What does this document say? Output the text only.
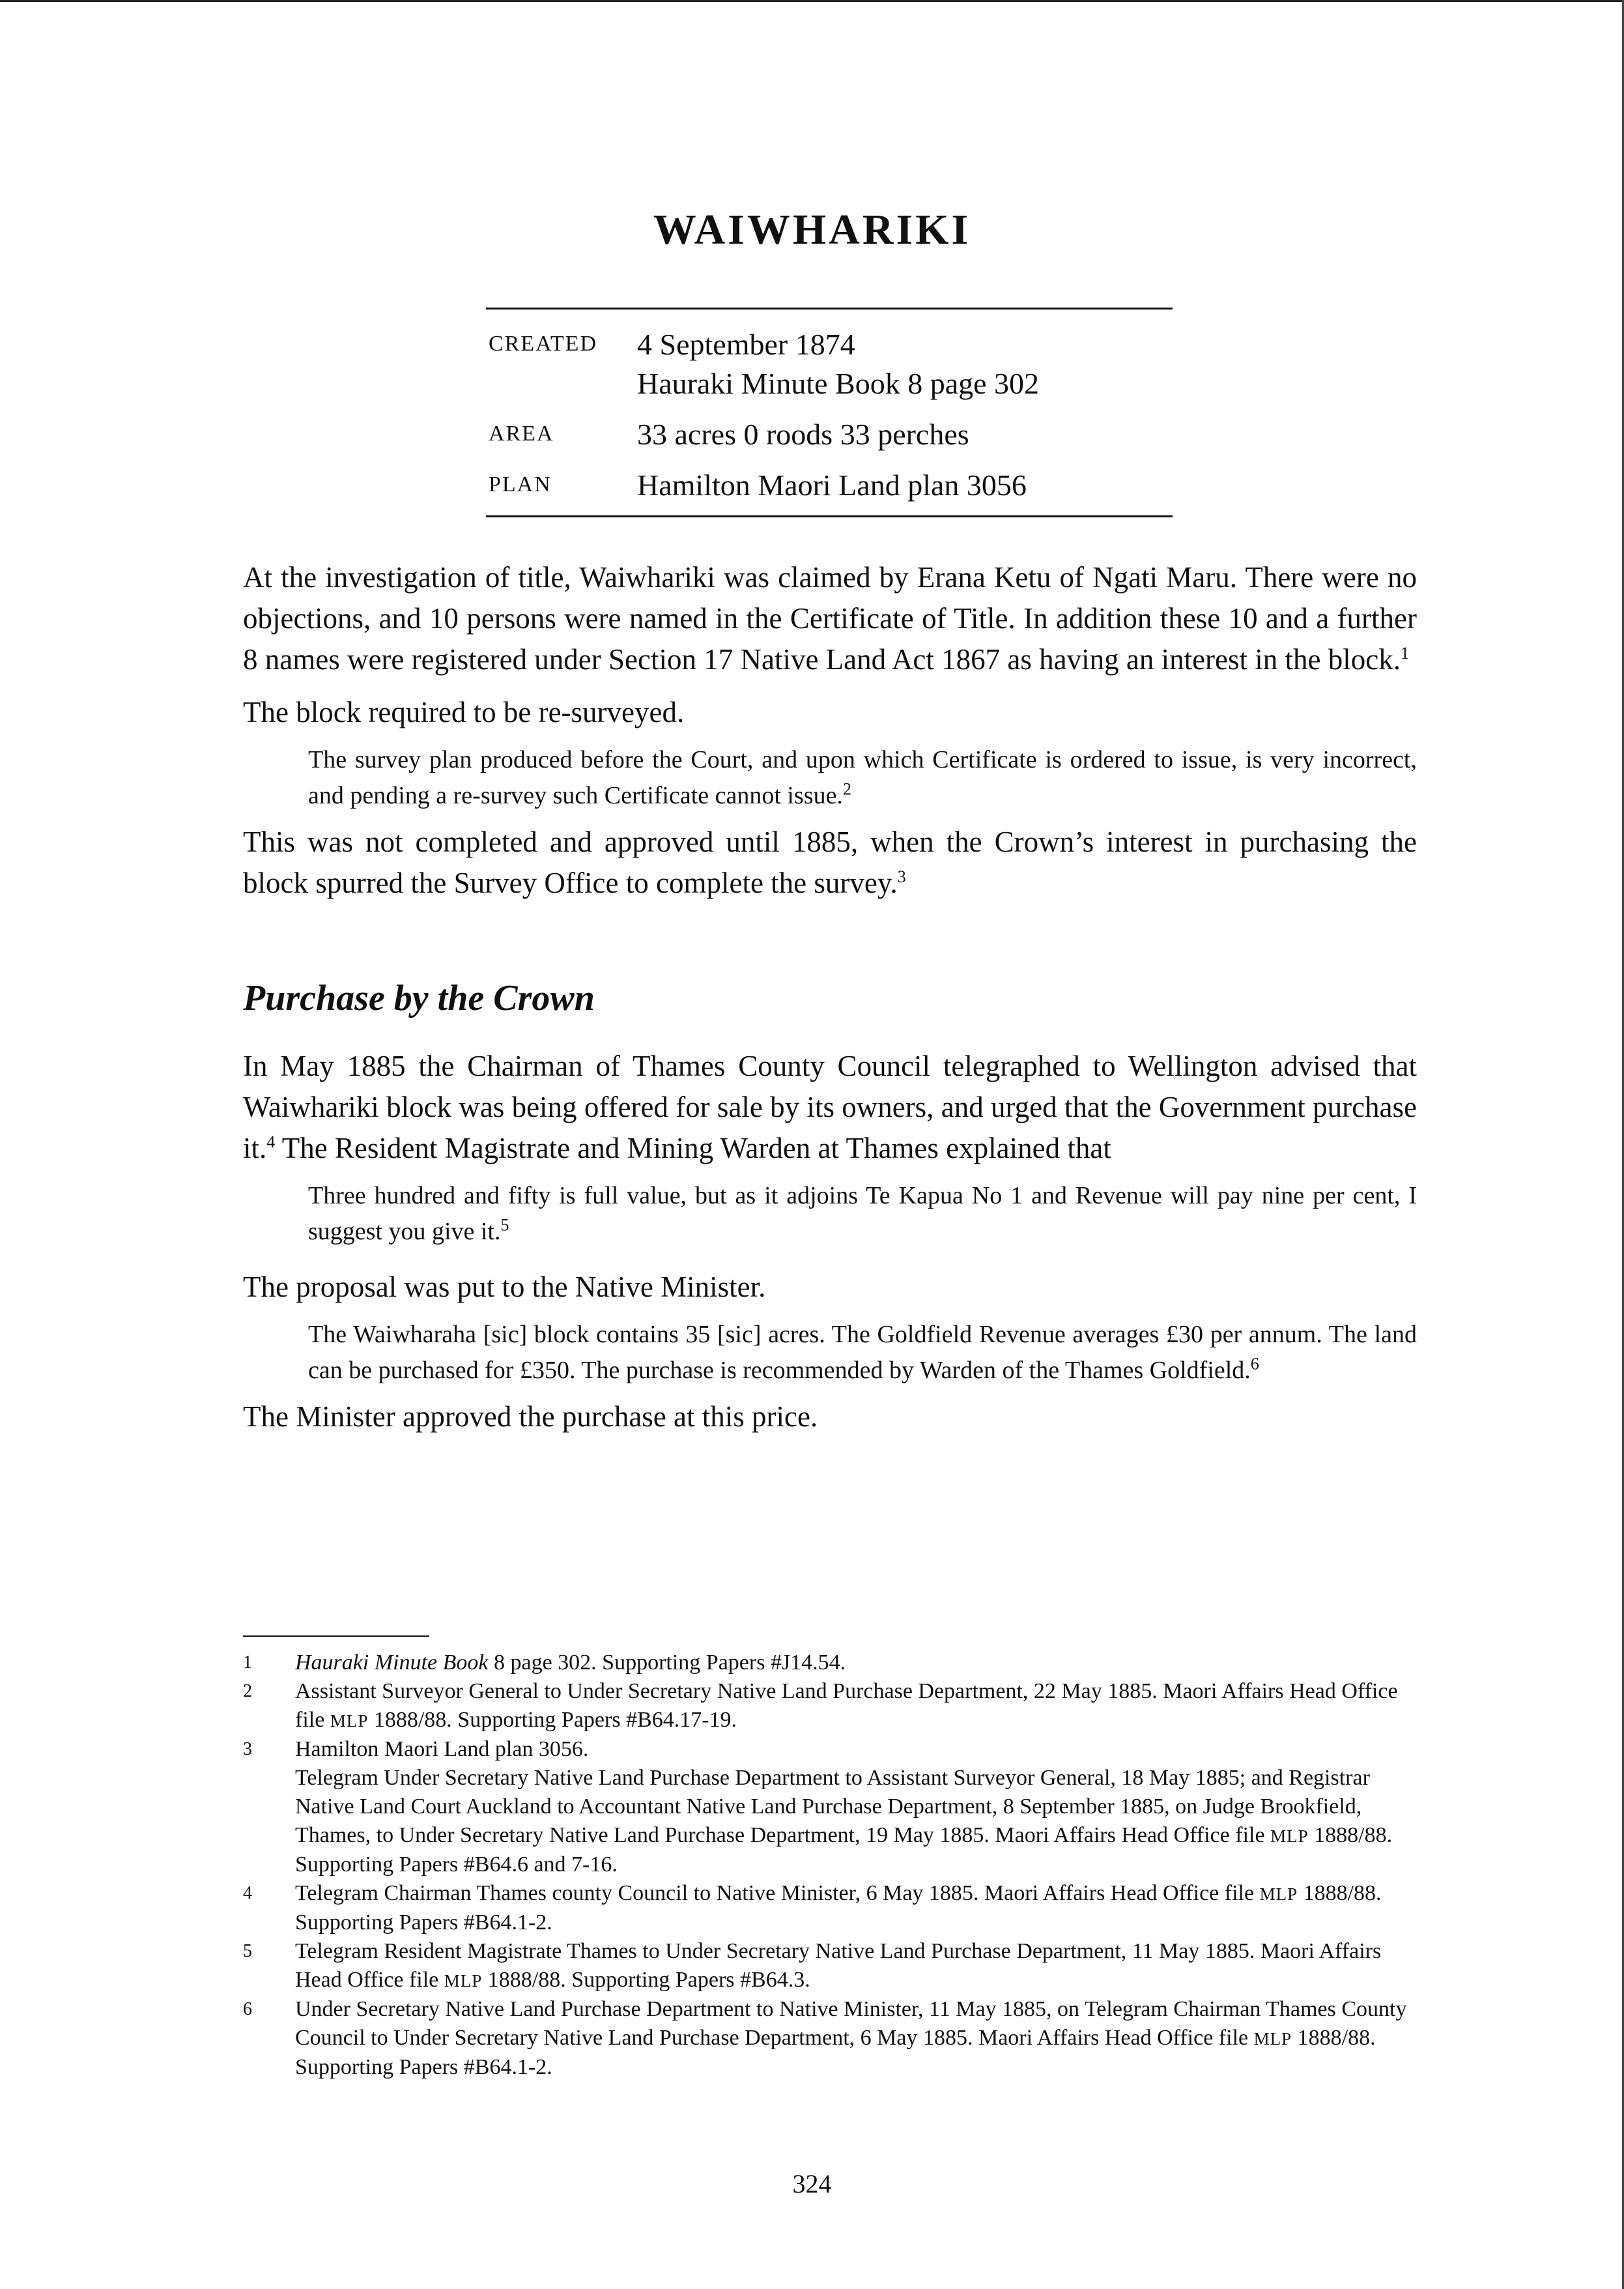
WAIWHARIKI
CREATED	4 September 1874
Hauraki Minute Book 8 page 302
AREA	33 acres 0 roods 33 perches
PLAN	Hamilton Maori Land plan 3056

At the investigation of title, Waiwhariki was claimed by Erana Ketu of Ngati Maru. There were no objections, and 10 persons were named in the Certificate of Title. In addition these 10 and a further 8 names were registered under Section 17 Native Land Act 1867 as having an interest in the block.$^1$

The block required to be re-surveyed.

The survey plan produced before the Court, and upon which Certificate is ordered to issue, is very incorrect, and pending a re-survey such Certificate cannot issue.$^2$

This was not completed and approved until 1885, when the Crown’s interest in purchasing the block spurred the Survey Office to complete the survey.$^3$

Purchase by the Crown

In May 1885 the Chairman of Thames County Council telegraphed to Wellington advised that Waiwhariki block was being offered for sale by its owners, and urged that the Government purchase it.$^4$ The Resident Magistrate and Mining Warden at Thames explained that

Three hundred and fifty is full value, but as it adjoins Te Kapua No 1 and Revenue will pay nine per cent, I suggest you give it.$^5$

The proposal was put to the Native Minister.

The Waiwharaha [sic] block contains 35 [sic] acres. The Goldfield Revenue averages £30 per annum. The land can be purchased for £350. The purchase is recommended by Warden of the Thames Goldfield.$^6$

The Minister approved the purchase at this price.

1	Hauraki Minute Book 8 page 302. Supporting Papers #J14.54.
2	Assistant Surveyor General to Under Secretary Native Land Purchase Department, 22 May 1885. Maori Affairs Head Office file MLP 1888/88. Supporting Papers #B64.17-19.
3	Hamilton Maori Land plan 3056.
Telegram Under Secretary Native Land Purchase Department to Assistant Surveyor General, 18 May 1885; and Registrar Native Land Court Auckland to Accountant Native Land Purchase Department, 8 September 1885, on Judge Brookfield, Thames, to Under Secretary Native Land Purchase Department, 19 May 1885. Maori Affairs Head Office file MLP 1888/88. Supporting Papers #B64.6 and 7-16.
4	Telegram Chairman Thames county Council to Native Minister, 6 May 1885. Maori Affairs Head Office file MLP 1888/88. Supporting Papers #B64.1-2.
5	Telegram Resident Magistrate Thames to Under Secretary Native Land Purchase Department, 11 May 1885. Maori Affairs Head Office file MLP 1888/88. Supporting Papers #B64.3.
6	Under Secretary Native Land Purchase Department to Native Minister, 11 May 1885, on Telegram Chairman Thames County Council to Under Secretary Native Land Purchase Department, 6 May 1885. Maori Affairs Head Office file MLP 1888/88. Supporting Papers #B64.1-2.
324
